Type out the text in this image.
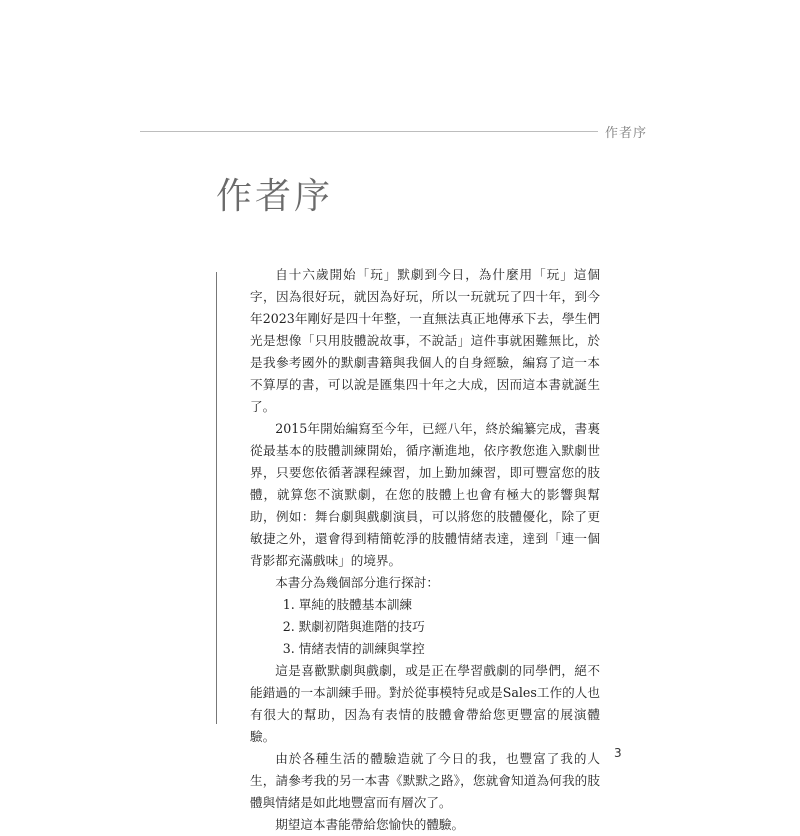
作者序
作者序

自十六歲開始「玩」默劇到今日，為什麼用「玩」這個字，因為很好玩，就因為好玩，所以一玩就玩了四十年，到今年2023年剛好是四十年整，一直無法真正地傳承下去，學生們光是想像「只用肢體說故事，不說話」這件事就困難無比，於是我參考國外的默劇書籍與我個人的自身經驗，編寫了這一本不算厚的書，可以說是匯集四十年之大成，因而這本書就誕生了。

2015年開始編寫至今年，已經八年，終於編纂完成，書裏從最基本的肢體訓練開始，循序漸進地，依序教您進入默劇世界，只要您依循著課程練習，加上勤加練習，即可豐富您的肢體，就算您不演默劇，在您的肢體上也會有極大的影響與幫助，例如：舞台劇與戲劇演員，可以將您的肢體優化，除了更敏捷之外，還會得到精簡乾淨的肢體情緒表達，達到「連一個背影都充滿戲味」的境界。

本書分為幾個部分進行探討：

1. 單純的肢體基本訓練

2. 默劇初階與進階的技巧

3. 情緒表情的訓練與掌控

這是喜歡默劇與戲劇，或是正在學習戲劇的同學們，絕不能錯過的一本訓練手冊。對於從事模特兒或是Sales工作的人也有很大的幫助，因為有表情的肢體會帶給您更豐富的展演體驗。

由於各種生活的體驗造就了今日的我，也豐富了我的人生，請參考我的另一本書《默默之路》，您就會知道為何我的肢體與情緒是如此地豐富而有層次了。

期望這本書能帶給您愉快的體驗。

3
